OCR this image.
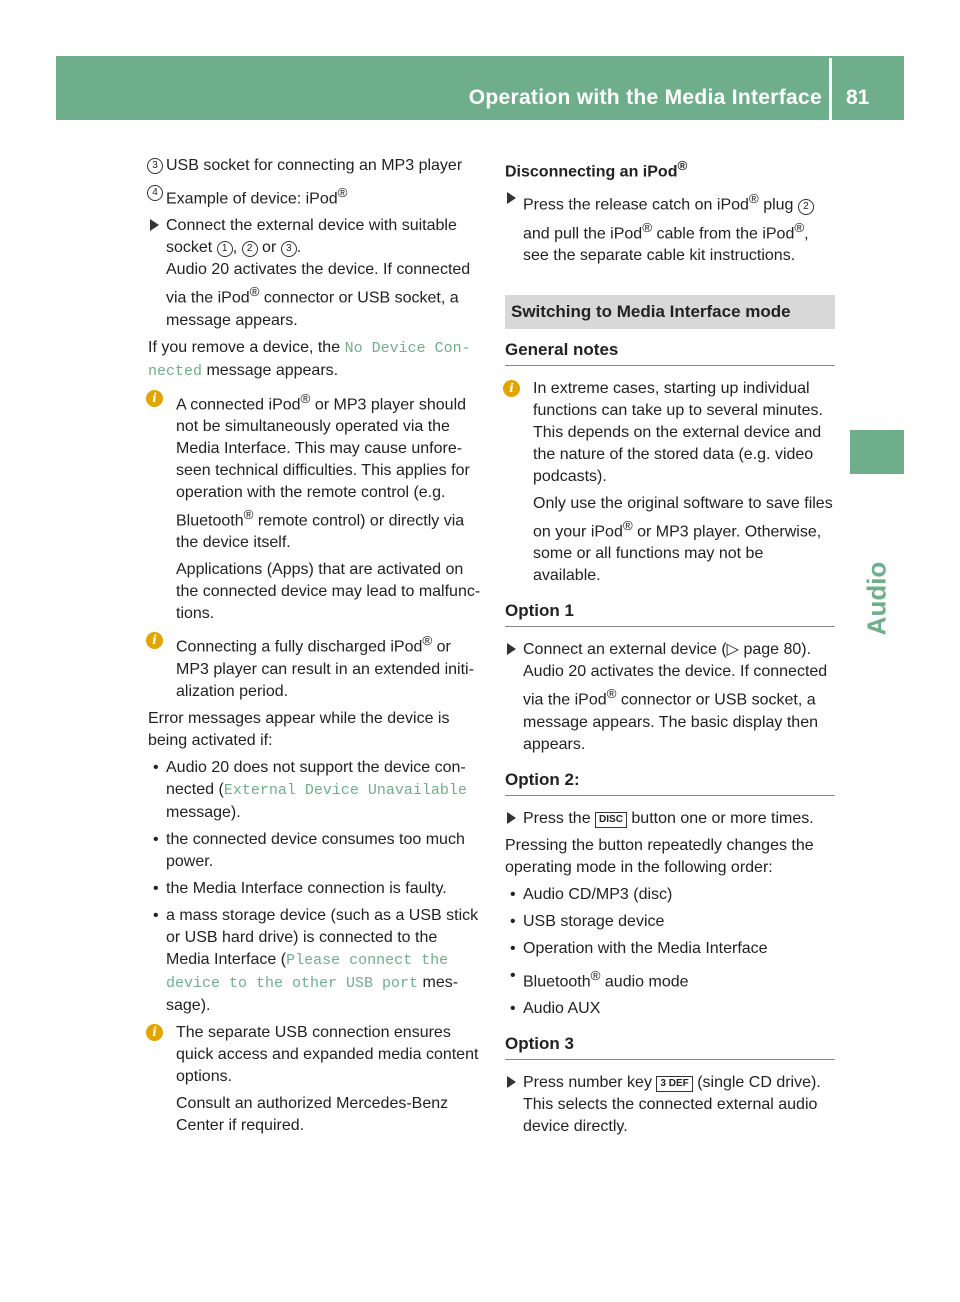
Operation with the Media Interface 81
Audio
3 USB socket for connecting an MP3 player
4 Example of device: iPod®
Connect the external device with suitable socket 1 , 2 or 3 .
Audio 20 activates the device. If connected via the iPod® connector or USB socket, a message appears.
If you remove a device, the No Device Con- nected message appears.
i	A connected iPod® or MP3 player should not be simultaneously operated via the Media Interface. This may cause unfore- seen technical difficulties. This applies for operation with the remote control (e.g. Bluetooth® remote control) or directly via the device itself.
Applications (Apps) that are activated on the connected device may lead to malfunc- tions.
i	Connecting a fully discharged iPod® or MP3 player can result in an extended initi- alization period.
Error messages appear while the device is being activated if:
• Audio 20 does not support the device con- nected (External Device Unavailable message).
• the connected device consumes too much power.
• the Media Interface connection is faulty.
• a mass storage device (such as a USB stick or USB hard drive) is connected to the Media Interface (Please connect the device to the other USB port mes- sage).
i	The separate USB connection ensures quick access and expanded media content options.
Consult an authorized Mercedes-Benz Center if required.
Disconnecting an iPod®
Press the release catch on iPod® plug 2 and pull the iPod® cable from the iPod®, see the separate cable kit instructions.
Switching to Media Interface mode
General notes
i	In extreme cases, starting up individual functions can take up to several minutes. This depends on the external device and the nature of the stored data (e.g. video podcasts).
Only use the original software to save files on your iPod® or MP3 player. Otherwise, some or all functions may not be available.
Option 1
Connect an external device (▷ page 80).
Audio 20 activates the device. If connected via the iPod® connector or USB socket, a message appears. The basic display then appears.
Option 2:
Press the DISC button one or more times.
Pressing the button repeatedly changes the operating mode in the following order:
• Audio CD/MP3 (disc)
• USB storage device
• Operation with the Media Interface
• Bluetooth® audio mode
• Audio AUX
Option 3
Press number key 3 DEF (single CD drive).
This selects the connected external audio device directly.
